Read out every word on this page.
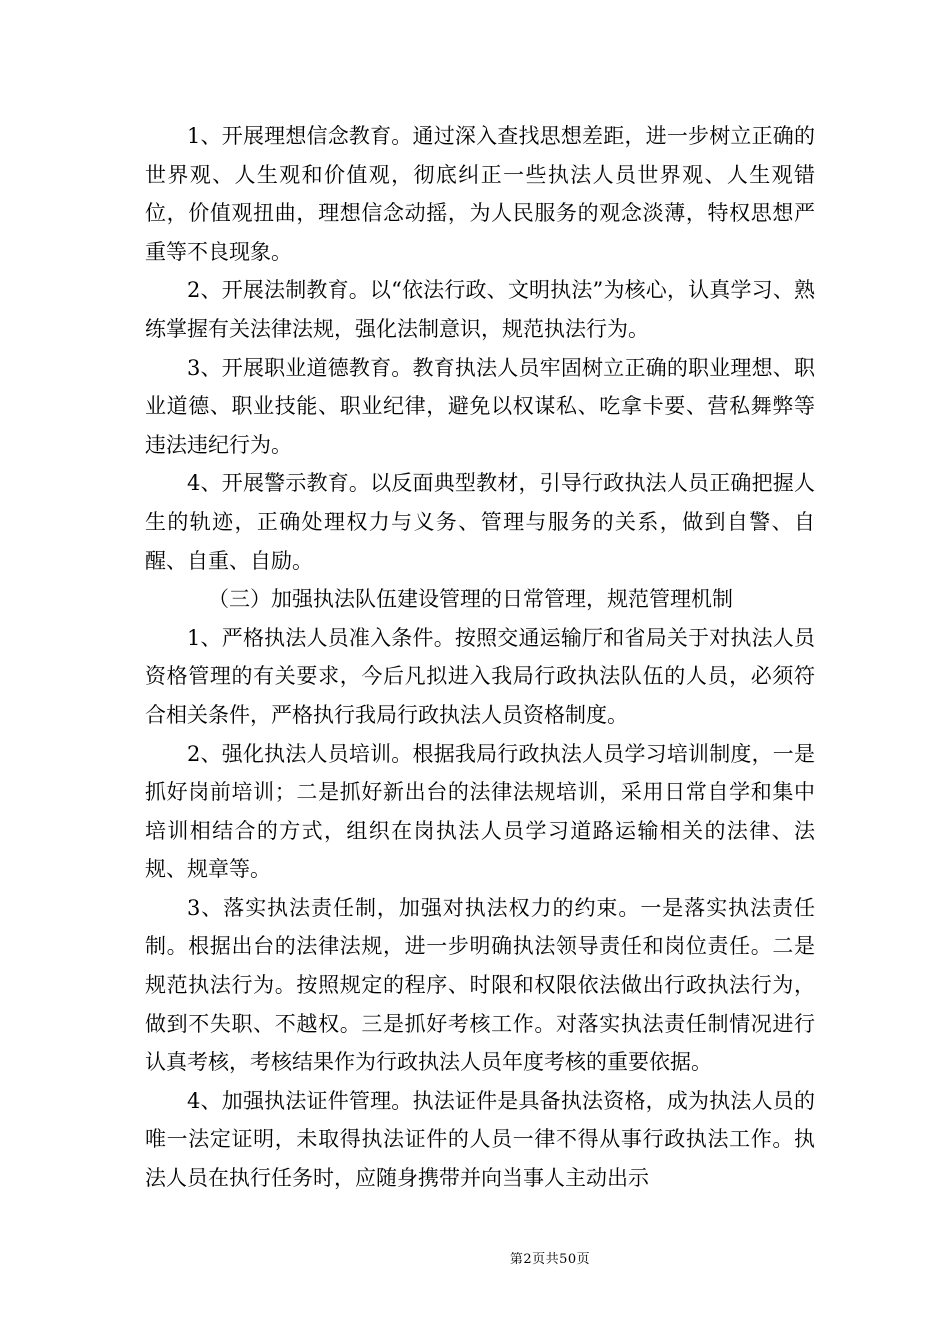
1、开展理想信念教育。通过深入查找思想差距，进一步树立正确的世界观、人生观和价值观，彻底纠正一些执法人员世界观、人生观错位，价值观扭曲，理想信念动摇，为人民服务的观念淡薄，特权思想严重等不良现象。

2、开展法制教育。以“依法行政、文明执法”为核心，认真学习、熟练掌握有关法律法规，强化法制意识，规范执法行为。

3、开展职业道德教育。教育执法人员牢固树立正确的职业理想、职业道德、职业技能、职业纪律，避免以权谋私、吃拿卡要、营私舞弊等违法违纪行为。

4、开展警示教育。以反面典型教材，引导行政执法人员正确把握人生的轨迹，正确处理权力与义务、管理与服务的关系，做到自警、自醒、自重、自励。

（三）加强执法队伍建设管理的日常管理，规范管理机制

1、严格执法人员准入条件。按照交通运输厅和省局关于对执法人员资格管理的有关要求，今后凡拟进入我局行政执法队伍的人员，必须符合相关条件，严格执行我局行政执法人员资格制度。

2、强化执法人员培训。根据我局行政执法人员学习培训制度，一是抓好岗前培训；二是抓好新出台的法律法规培训，采用日常自学和集中培训相结合的方式，组织在岗执法人员学习道路运输相关的法律、法规、规章等。

3、落实执法责任制，加强对执法权力的约束。一是落实执法责任制。根据出台的法律法规，进一步明确执法领导责任和岗位责任。二是规范执法行为。按照规定的程序、时限和权限依法做出行政执法行为，做到不失职、不越权。三是抓好考核工作。对落实执法责任制情况进行认真考核，考核结果作为行政执法人员年度考核的重要依据。

4、加强执法证件管理。执法证件是具备执法资格，成为执法人员的唯一法定证明，未取得执法证件的人员一律不得从事行政执法工作。执法人员在执行任务时，应随身携带并向当事人主动出示

第2页共50页
